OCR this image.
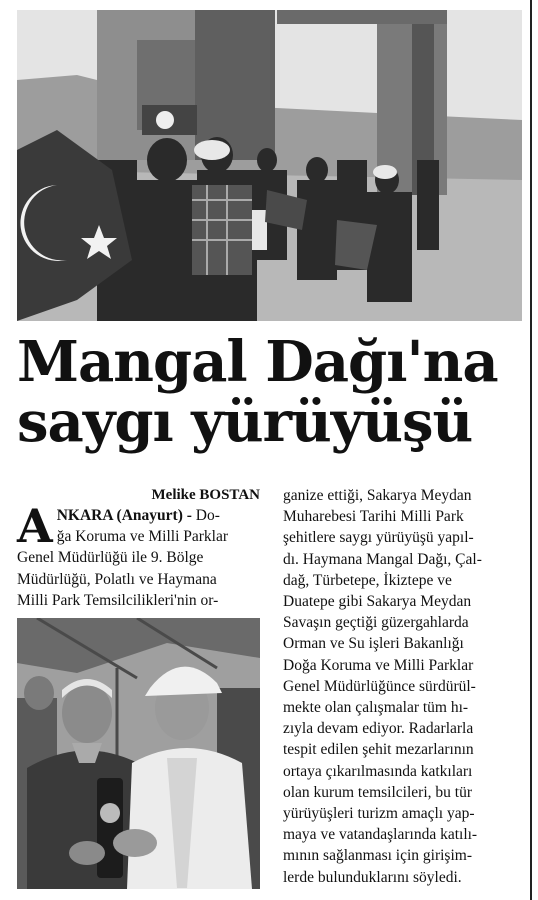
Mangal Dağı'na
saygı yürüyüşü
Melike BOSTAN
A NKARA (Anayurt) - Do-
ğa Koruma ve Milli Parklar
Genel Müdürlüğü ile 9. Bölge
Müdürlüğü, Polatlı ve Haymana
Milli Park Temsilcilikleri'nin or-
ganize ettiği, Sakarya Meydan
Muharebesi Tarihi Milli Park
şehitlere saygı yürüyüşü yapıl-
dı. Haymana Mangal Dağı, Çal-
dağ, Türbetepe, İkiztepe ve
Duatepe gibi Sakarya Meydan
Savaşın geçtiği güzergahlarda
Orman ve Su işleri Bakanlığı
Doğa Koruma ve Milli Parklar
Genel Müdürlüğünce sürdürül-
mekte olan çalışmalar tüm hı-
zıyla devam ediyor. Radarlarla
tespit edilen şehit mezarlarının
ortaya çıkarılmasında katkıları
olan kurum temsilcileri, bu tür
yürüyüşleri turizm amaçlı yap-
maya ve vatandaşlarında katılı-
mının sağlanması için girişim-
lerde bulunduklarını söyledi.
